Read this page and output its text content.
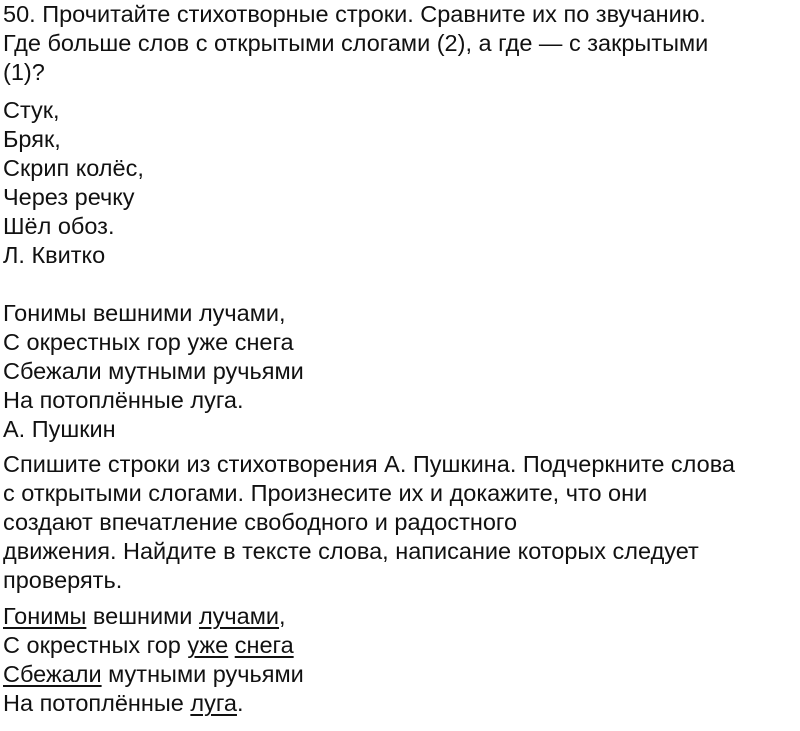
50. Прочитайте стихотворные строки. Сравните их по звучанию.
Где больше слов с открытыми слогами (2), а где — с закрытыми
(1)?
Стук,
Бряк,
Скрип колёс,
Через речку
Шёл обоз.
Л. Квитко
Гонимы вешними лучами,
С окрестных гор уже снега
Сбежали мутными ручьями
На потоплённые луга.
А. Пушкин
Спишите строки из стихотворения А. Пушкина. Подчеркните слова
с открытыми слогами. Произнесите их и докажите, что они
создают впечатление свободного и радостного
движения. Найдите в тексте слова, написание которых следует
проверять.
Гонимы вешними лучами,
С окрестных гор уже снега
Сбежали мутными ручьями
На потоплённые луга.
